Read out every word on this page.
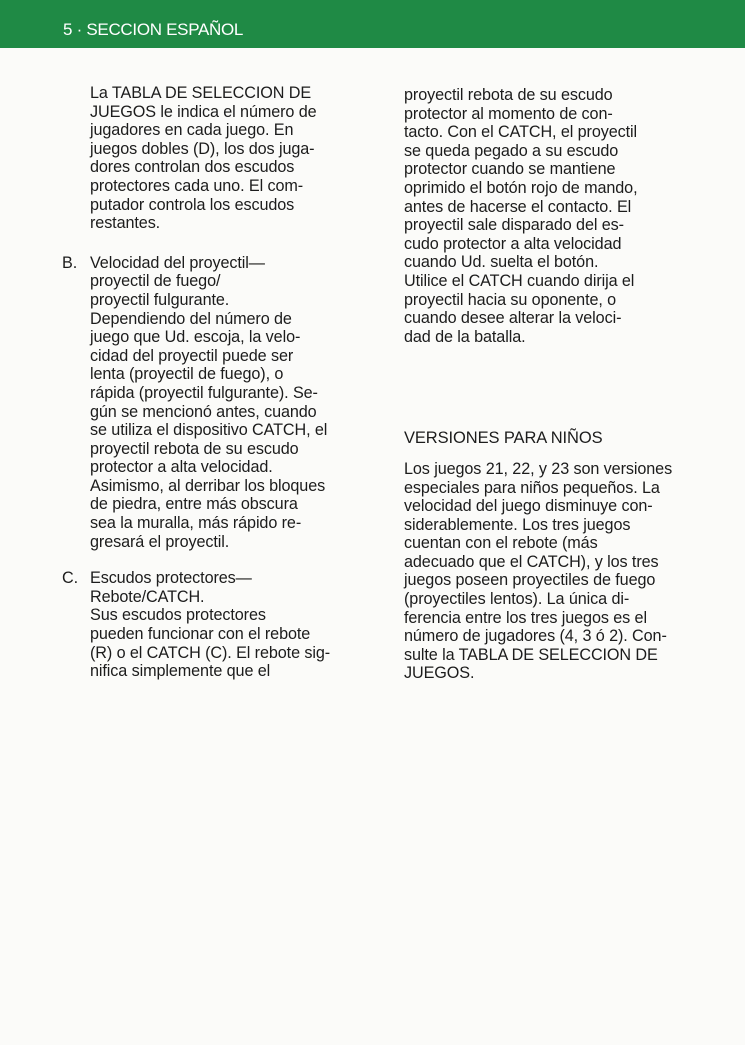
5 · SECCION ESPAÑOL

La TABLA DE SELECCION DE
JUEGOS le indica el número de
jugadores en cada juego. En
juegos dobles (D), los dos juga-
dores controlan dos escudos
protectores cada uno. El com-
putador controla los escudos
restantes.

B. Velocidad del proyectil—
proyectil de fuego/
proyectil fulgurante.
Dependiendo del número de
juego que Ud. escoja, la velo-
cidad del proyectil puede ser
lenta (proyectil de fuego), o
rápida (proyectil fulgurante). Se-
gún se mencionó antes, cuando
se utiliza el dispositivo CATCH, el
proyectil rebota de su escudo
protector a alta velocidad.
Asimismo, al derribar los bloques
de piedra, entre más obscura
sea la muralla, más rápido re-
gresará el proyectil.
C. Escudos protectores—
Rebote/CATCH.
Sus escudos protectores
pueden funcionar con el rebote
(R) o el CATCH (C). El rebote sig-
nifica simplemente que el

proyectil rebota de su escudo
protector al momento de con-
tacto. Con el CATCH, el proyectil
se queda pegado a su escudo
protector cuando se mantiene
oprimido el botón rojo de mando,
antes de hacerse el contacto. El
proyectil sale disparado del es-
cudo protector a alta velocidad
cuando Ud. suelta el botón.
Utilice el CATCH cuando dirija el
proyectil hacia su oponente, o
cuando desee alterar la veloci-
dad de la batalla.

VERSIONES PARA NIÑOS

Los juegos 21, 22, y 23 son versiones
especiales para niños pequeños. La
velocidad del juego disminuye con-
siderablemente. Los tres juegos
cuentan con el rebote (más
adecuado que el CATCH), y los tres
juegos poseen proyectiles de fuego
(proyectiles lentos). La única di-
ferencia entre los tres juegos es el
número de jugadores (4, 3 ó 2). Con-
sulte la TABLA DE SELECCION DE
JUEGOS.
